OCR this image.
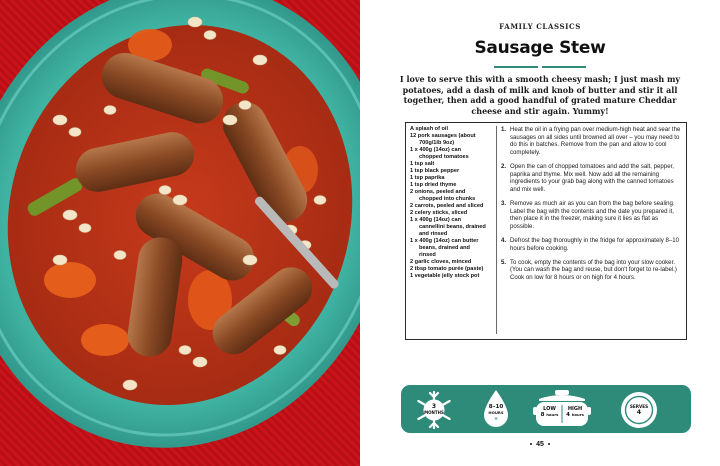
FAMILY CLASSICS
Sausage Stew
I love to serve this with a smooth cheesy mash; I just mash my potatoes, add a dash of milk and knob of butter and stir it all together, then add a good handful of grated mature Cheddar cheese and stir again. Yummy!
A splash of oil
12 pork sausages (about
700g/1lb 9oz)
1 x 400g (14oz) can
chopped tomatoes
1 tsp salt
1 tsp black pepper
1 tsp paprika
1 tsp dried thyme
2 onions, peeled and
chopped into chunks
2 carrots, peeled and sliced
2 celery sticks, sliced
1 x 400g (14oz) can
cannellini beans, drained
and rinsed
1 x 400g (14oz) can butter
beans, drained and
rinsed
2 garlic cloves, minced
2 tbsp tomato purée (paste)
1 vegetable jelly stock pot
1. Heat the oil in a frying pan over medium-high heat and sear the sausages on all sides until browned all over – you may need to do this in batches. Remove from the pan and allow to cool completely.
2. Open the can of chopped tomatoes and add the salt, pepper, paprika and thyme. Mix well. Now add all the remaining ingredients to your grab bag along with the canned tomatoes and mix well.
3. Remove as much air as you can from the bag before sealing. Label the bag with the contents and the date you prepared it, then place it in the freezer, making sure it lies as flat as possible.
4. Defrost the bag thoroughly in the fridge for approximately 8–10 hours before cooking.
5. To cook, empty the contents of the bag into your slow cooker. (You can wash the bag and reuse, but don't forget to re-label.) Cook on low for 8 hours or on high for 4 hours.
3
MONTHS
8–10
HOURS
✻
LOW
8 hours
HIGH
4 hours
SERVES
4
45
